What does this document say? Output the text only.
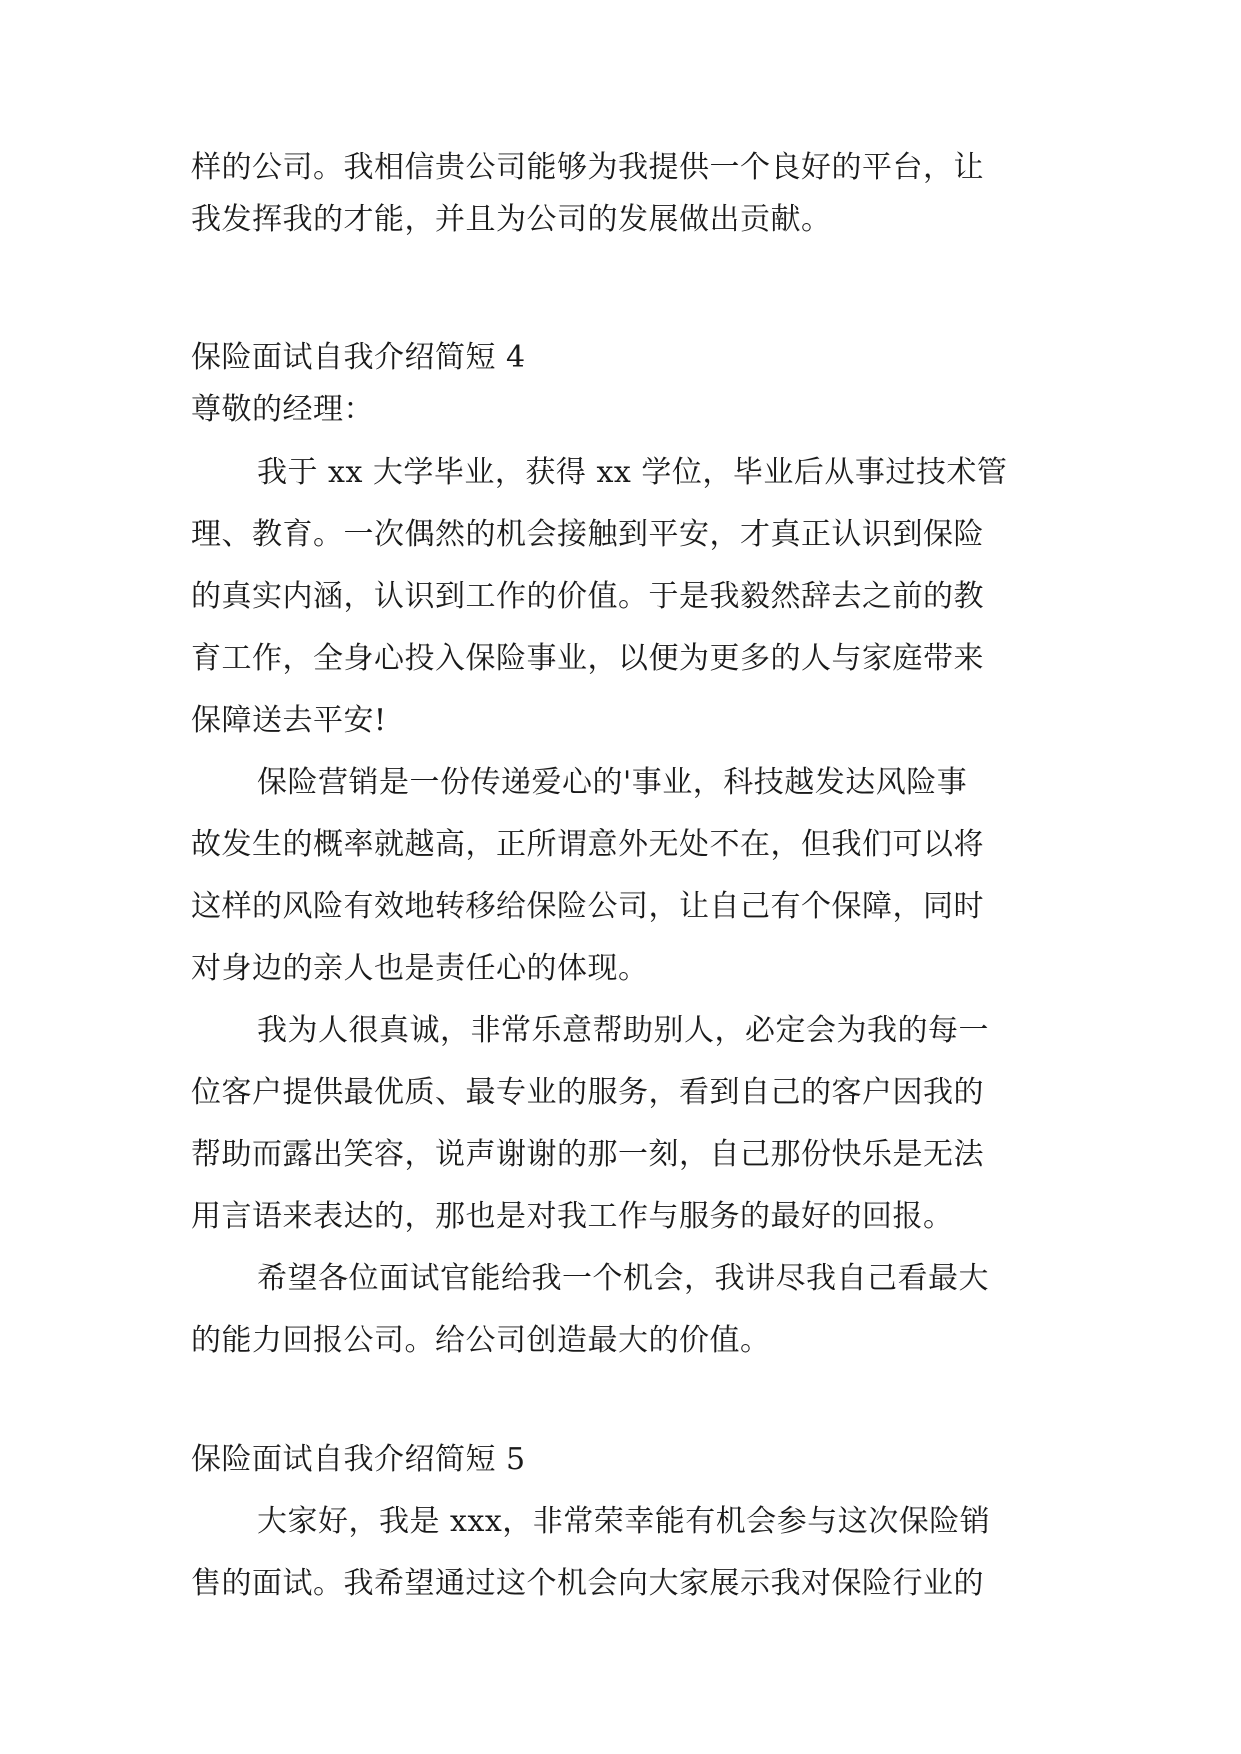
样的公司。我相信贵公司能够为我提供一个良好的平台，让
我发挥我的才能，并且为公司的发展做出贡献。
保险面试自我介绍简短 4
尊敬的经理：
我于 xx 大学毕业，获得 xx 学位，毕业后从事过技术管
理、教育。一次偶然的机会接触到平安，才真正认识到保险
的真实内涵，认识到工作的价值。于是我毅然辞去之前的教
育工作，全身心投入保险事业，以便为更多的人与家庭带来
保障送去平安!
保险营销是一份传递爱心的'事业，科技越发达风险事
故发生的概率就越高，正所谓意外无处不在，但我们可以将
这样的风险有效地转移给保险公司，让自己有个保障，同时
对身边的亲人也是责任心的体现。
我为人很真诚，非常乐意帮助别人，必定会为我的每一
位客户提供最优质、最专业的服务，看到自己的客户因我的
帮助而露出笑容，说声谢谢的那一刻，自己那份快乐是无法
用言语来表达的，那也是对我工作与服务的最好的回报。
希望各位面试官能给我一个机会，我讲尽我自己看最大
的能力回报公司。给公司创造最大的价值。
保险面试自我介绍简短 5
大家好，我是 xxx，非常荣幸能有机会参与这次保险销
售的面试。我希望通过这个机会向大家展示我对保险行业的
